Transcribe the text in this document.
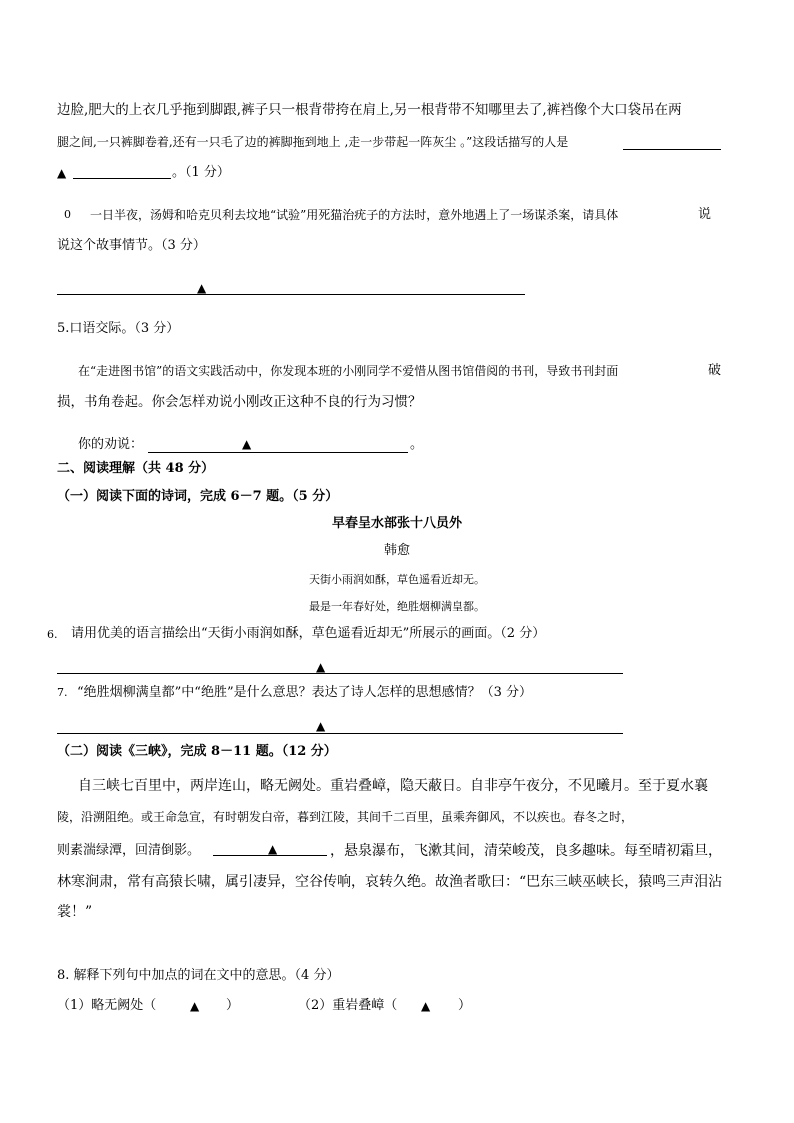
边脸,肥大的上衣几乎拖到脚跟,裤子只一根背带挎在肩上,另一根背带不知哪里去了,裤裆像个大口袋吊在两
腿之间,一只裤脚卷着,还有一只毛了边的裤脚拖到地上 ,走一步带起一阵灰尘 。”这段话描写的人是
▲	。（1 分）
0 一日半夜，汤姆和哈克贝利去坟地“试验”用死猫治疣子的方法时，意外地遇上了一场谋杀案，请具体	说
说这个故事情节。（3 分）
▲
5.口语交际。（3 分）
在“走进图书馆”的语文实践活动中，你发现本班的小刚同学不爱惜从图书馆借阅的书刊，导致书刊封面	破
损，书角卷起。你会怎样劝说小刚改正这种不良的行为习惯？
你的劝说：	▲	。
二、阅读理解（共 48 分）
（一）阅读下面的诗词，完成 6－7 题。（5 分）
早春呈水部张十八员外
韩愈
天街小雨润如酥，草色遥看近却无。
最是一年春好处，绝胜烟柳满皇都。
6. 请用优美的语言描绘出“天街小雨润如酥，草色遥看近却无”所展示的画面。（2 分）
▲
7. “绝胜烟柳满皇都”中“绝胜”是什么意思？表达了诗人怎样的思想感情？（3 分）
▲
（二）阅读《三峡》，完成 8－11 题。（12 分）
自三峡七百里中，两岸连山，略无阙处。重岩叠嶂，隐天蔽日。自非亭午夜分，不见曦月。至于夏水襄
陵，沿溯阻绝。或王命急宣，有时朝发白帝，暮到江陵，其间千二百里，虽乘奔御风，不以疾也。春冬之时，
则素湍绿潭，回清倒影。	▲	，悬泉瀑布，飞漱其间，清荣峻茂，良多趣味。每至晴初霜旦，
林寒涧肃，常有高猿长啸，属引凄异，空谷传响，哀转久绝。故渔者歌曰：“巴东三峡巫峡长，猿鸣三声泪沾
裳！”
8. 解释下列句中加点的词在文中的意思。（4 分）
（1）略无阙处（	▲ ）	（2）重岩叠嶂（ ▲ ）
